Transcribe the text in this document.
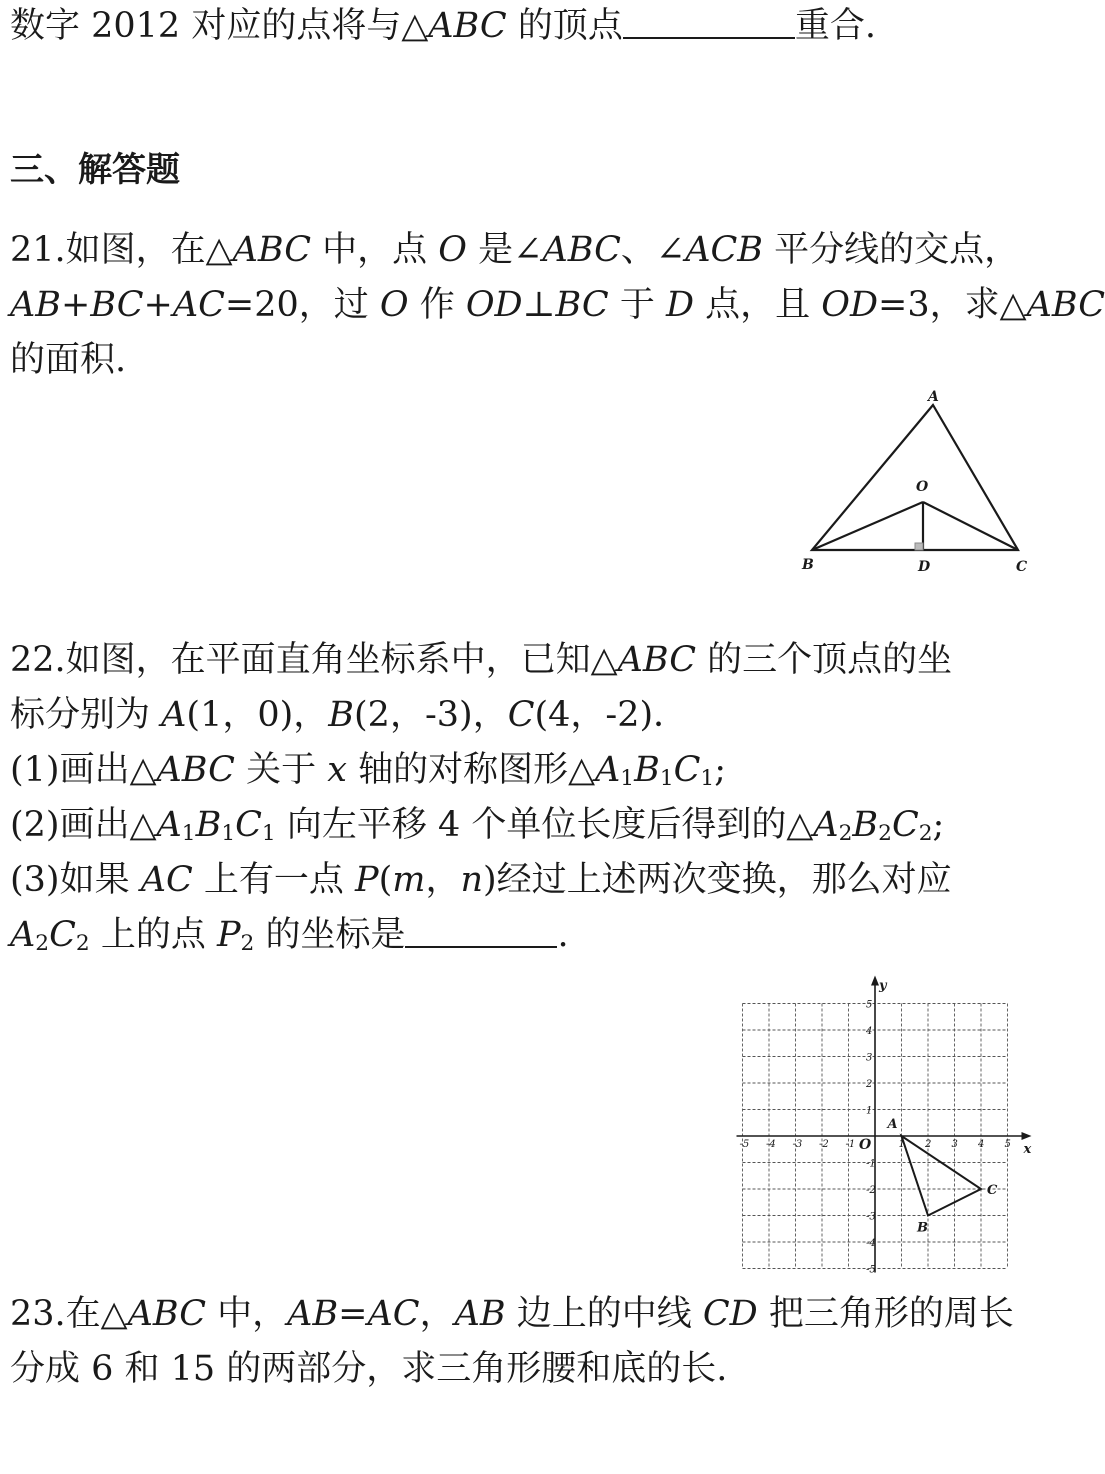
数字 2012 对应的点将与△ABC 的顶点	重合.
三、解答题
21.如图，在△ABC 中，点 O 是∠ABC、∠ACB 平分线的交点，
AB+BC+AC=20，过 O 作 OD⊥BC 于 D 点，且 OD=3，求△ABC
的面积.
A
O
B	D	C
22.如图，在平面直角坐标系中，已知△ABC 的三个顶点的坐
标分别为 A(1，0)，B(2，-3)，C(4，-2)．
(1)画出△ABC 关于 x 轴的对称图形$\triangle A_1B_1C_1$;
(2)画出$\triangle A_1B_1C_1$ 向左平移 4 个单位长度后得到的$\triangle A_2B_2C_2$;
(3)如果 AC 上有一点 P(m，n)经过上述两次变换，那么对应
$A_2C_2$ 上的点 $P_2$ 的坐标是	.
-5 -4 -3 -2 -1	1 2 3 4 5
5
4
3
2
1
-1
-2
-3
-4
-5
x
y
O
A
B
C
23.在△ABC 中，AB=AC，AB 边上的中线 CD 把三角形的周长
分成 6 和 15 的两部分，求三角形腰和底的长.
